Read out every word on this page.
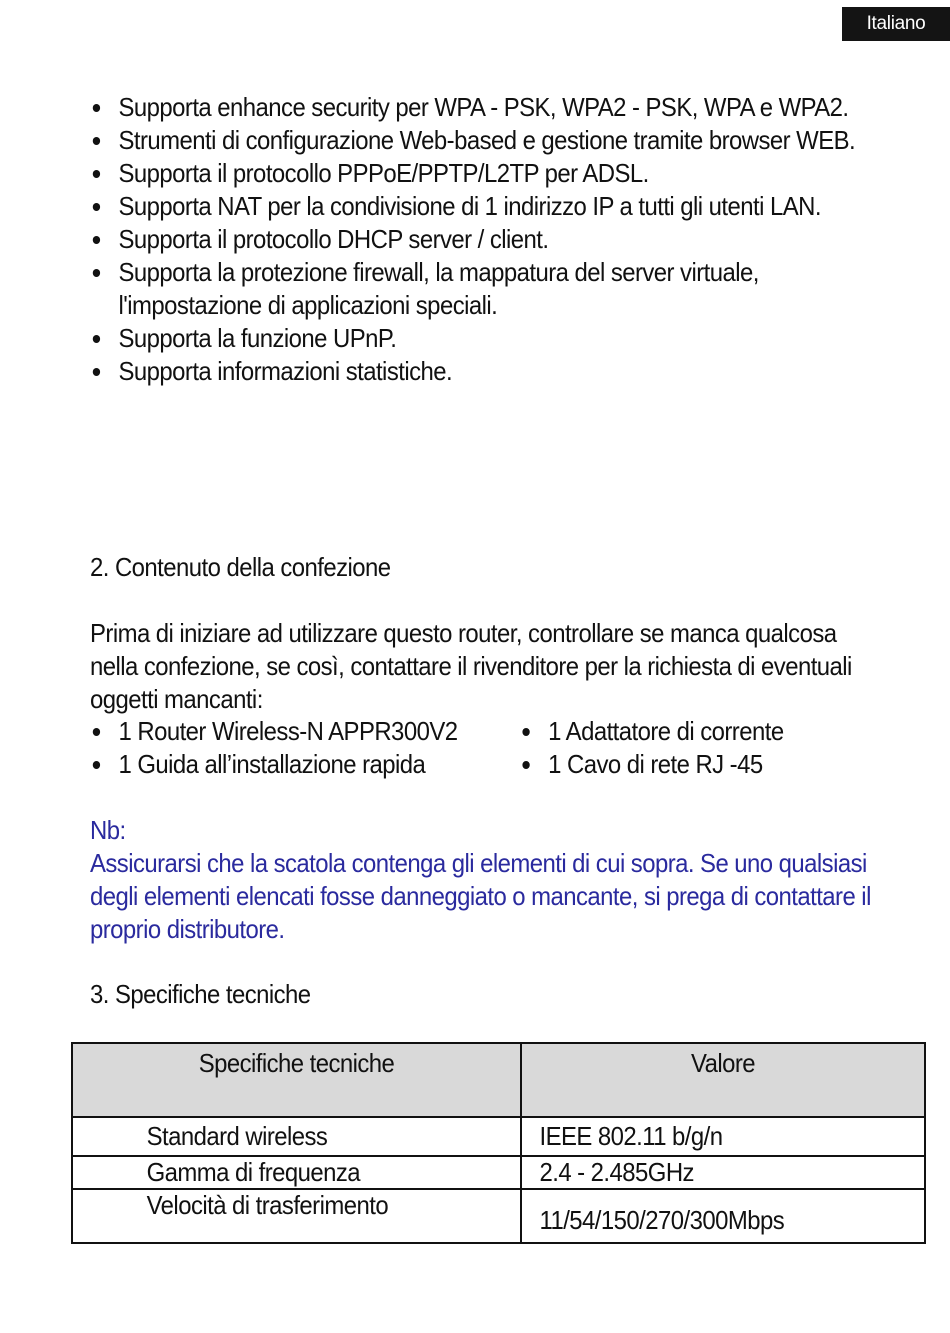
Italiano
Supporta enhance security per WPA - PSK, WPA2 - PSK, WPA e WPA2.
Strumenti di configurazione Web-based e gestione tramite browser WEB.
Supporta il protocollo PPPoE/PPTP/L2TP per ADSL.
Supporta NAT per la condivisione di 1 indirizzo IP a tutti gli utenti LAN.
Supporta il protocollo DHCP server / client.
Supporta la protezione firewall, la mappatura del server virtuale, l'impostazione di applicazioni speciali.
Supporta la funzione UPnP.
Supporta informazioni statistiche.
2. Contenuto della confezione
Prima di iniziare ad utilizzare questo router, controllare se manca qualcosa nella confezione, se così, contattare il rivenditore per la richiesta di eventuali oggetti mancanti:
1 Router Wireless-N APPR300V2
1 Guida all’installazione rapida
1 Adattatore di corrente
1 Cavo di rete RJ -45
Nb:
Assicurarsi che la scatola contenga gli elementi di cui sopra. Se uno qualsiasi degli elementi elencati fosse danneggiato o mancante, si prega di contattare il proprio distributore.
3. Specifiche tecniche
Specifiche tecniche	Valore

Standard wireless	IEEE 802.11 b/g/n

Gamma di frequenza	2.4 - 2.485GHz

Velocità di trasferimento	11/54/150/270/300Mbps
